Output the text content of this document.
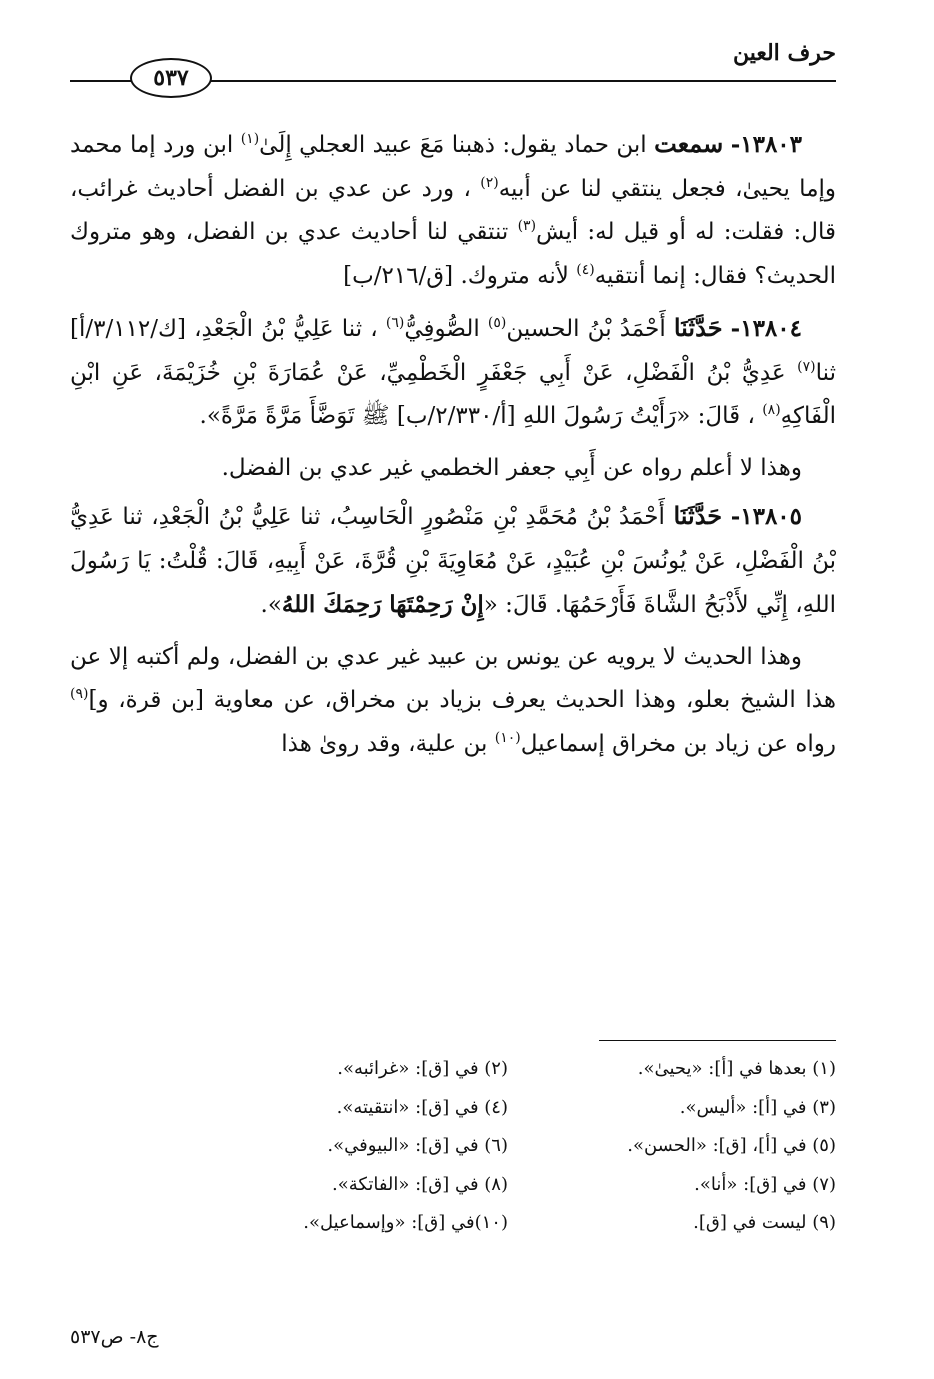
حرف العين
٥٣٧

١٣٨٠٣- سمعت ابن حماد يقول: ذهبنا مَعَ عبيد العجلي إِلَىٰ$^{(١)}$ ابن ورد إما محمد وإما يحيىٰ، فجعل ينتقي لنا عن أبيه$^{(٢)}$ ، ورد عن عدي بن الفضل أحاديث غرائب، قال: فقلت: له أو قيل له: أيش$^{(٣)}$ تنتقي لنا أحاديث عدي بن الفضل، وهو متروك الحديث؟ فقال: إنما أنتقيه$^{(٤)}$ لأنه متروك. [ق/٢١٦/ب]

١٣٨٠٤- حَدَّثَنَا أَحْمَدُ بْنُ الحسين$^{(٥)}$ الصُّوفِيُّ$^{(٦)}$ ، ثنا عَلِيُّ بْنُ الْجَعْدِ، [ك/٣/١١٢/أ] ثنا$^{(٧)}$ عَدِيُّ بْنُ الْفَضْلِ، عَنْ أَبِي جَعْفَرٍ الْخَطْمِيِّ، عَنْ عُمَارَةَ بْنِ خُزَيْمَةَ، عَنِ ابْنِ الْفَاكِهِ$^{(٨)}$ ، قَالَ: «رَأَيْتُ رَسُولَ اللهِ [أ/٢/٣٣٠/ب] ﷺ تَوَضَّأَ مَرَّةً مَرَّةً».

وهذا لا أعلم رواه عن أَبِي جعفر الخطمي غير عدي بن الفضل.

١٣٨٠٥- حَدَّثَنَا أَحْمَدُ بْنُ مُحَمَّدِ بْنِ مَنْصُورٍ الْحَاسِبُ، ثنا عَلِيُّ بْنُ الْجَعْدِ، ثنا عَدِيُّ بْنُ الْفَضْلِ، عَنْ يُونُسَ بْنِ عُبَيْدٍ، عَنْ مُعَاوِيَةَ بْنِ قُرَّةَ، عَنْ أَبِيهِ، قَالَ: قُلْتُ: يَا رَسُولَ اللهِ، إِنِّي لأَذْبَحُ الشَّاةَ فَأَرْحَمُهَا. قَالَ: «إِنْ رَحِمْتَهَا رَحِمَكَ اللهُ».

وهذا الحديث لا يرويه عن يونس بن عبيد غير عدي بن الفضل، ولم أكتبه إلا عن هذا الشيخ بعلو، وهذا الحديث يعرف بزياد بن مخراق، عن معاوية [بن قرة، و]$^{(٩)}$ رواه عن زياد بن مخراق إسماعيل$^{(١٠)}$ بن علية، وقد روىٰ هذا

(١) بعدها في [أ]: «يحيىٰ».
(٢) في [ق]: «غرائبه».
(٣) في [أ]: «أليس».
(٤) في [ق]: «انتقيته».
(٥) في [أ]، [ق]: «الحسن».
(٦) في [ق]: «البيوفي».
(٧) في [ق]: «أنا».
(٨) في [ق]: «الفاتكة».
(٩) ليست في [ق].
(١٠)في [ق]: «وإسماعيل».
ج٨- ص٥٣٧
